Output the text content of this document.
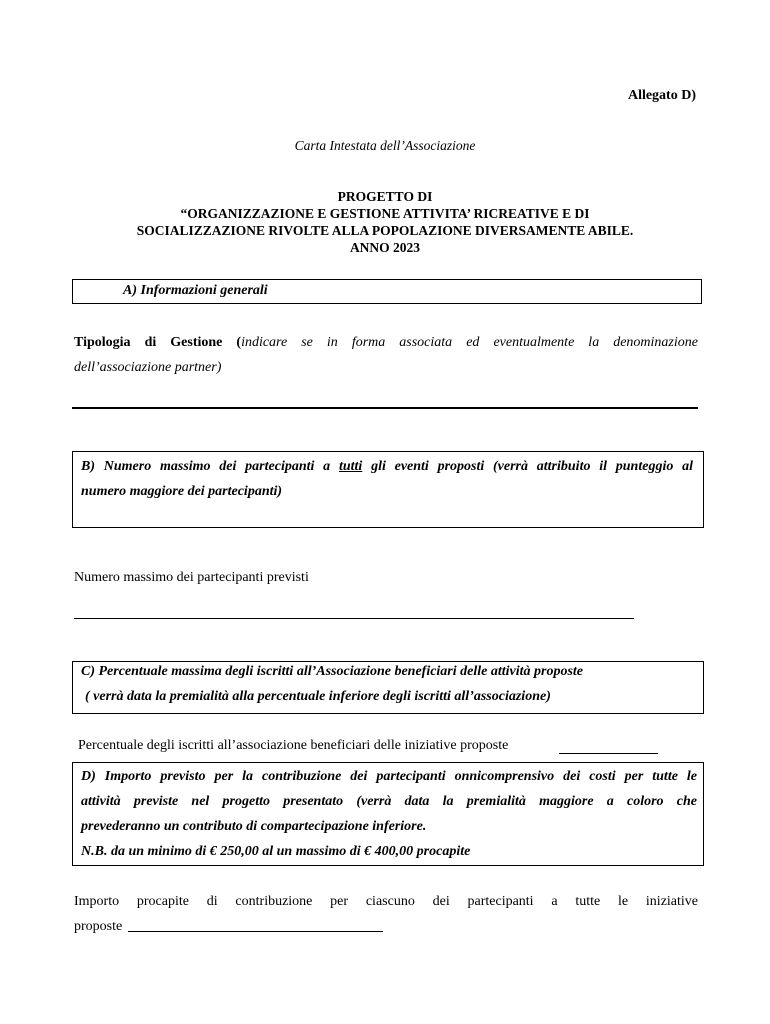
Allegato D)
Carta Intestata dell’Associazione
PROGETTO DI
“ORGANIZZAZIONE E GESTIONE ATTIVITA’ RICREATIVE E DI
SOCIALIZZAZIONE RIVOLTE ALLA POPOLAZIONE DIVERSAMENTE ABILE.
ANNO 2023
A) Informazioni generali
Tipologia di Gestione (indicare se in forma associata ed eventualmente la denominazione
dell’associazione partner)

B) Numero massimo dei partecipanti a tutti gli eventi proposti (verrà attribuito il punteggio al
numero maggiore dei partecipanti)

Numero massimo dei partecipanti previsti
C) Percentuale massima degli iscritti all’Associazione beneficiari delle attività proposte
( verrà data la premialità alla percentuale inferiore degli iscritti all’associazione)
Percentuale degli iscritti all’associazione beneficiari delle iniziative proposte
D) Importo previsto per la contribuzione dei partecipanti onnicomprensivo dei costi per tutte le
attività previste nel progetto presentato (verrà data la premialità maggiore a coloro che
prevederanno un contributo di compartecipazione inferiore.
N.B. da un minimo di € 250,00 al un massimo di € 400,00 procapite
Importo procapite di contribuzione per ciascuno dei partecipanti a tutte le iniziative
proposte
